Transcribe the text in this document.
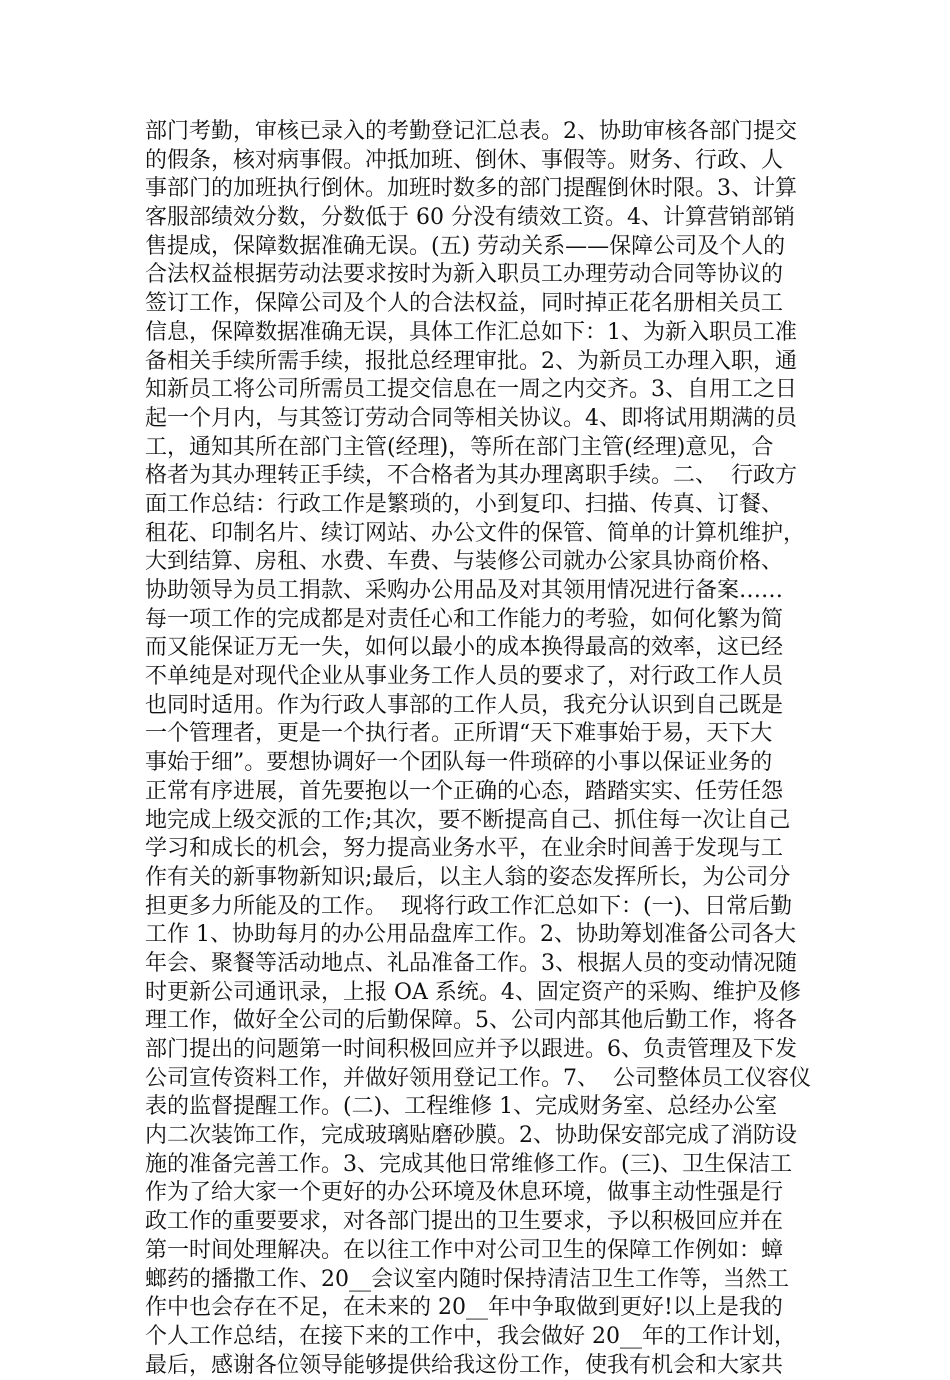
部门考勤，审核已录入的考勤登记汇总表。2、协助审核各部门提交
的假条，核对病事假。冲抵加班、倒休、事假等。财务、行政、人
事部门的加班执行倒休。加班时数多的部门提醒倒休时限。3、计算
客服部绩效分数，分数低于 60 分没有绩效工资。4、计算营销部销
售提成，保障数据准确无误。(五) 劳动关系——保障公司及个人的
合法权益根据劳动法要求按时为新入职员工办理劳动合同等协议的
签订工作，保障公司及个人的合法权益，同时掉正花名册相关员工
信息，保障数据准确无误，具体工作汇总如下：1、为新入职员工准
备相关手续所需手续，报批总经理审批。2、为新员工办理入职，通
知新员工将公司所需员工提交信息在一周之内交齐。3、自用工之日
起一个月内，与其签订劳动合同等相关协议。4、即将试用期满的员
工，通知其所在部门主管(经理)，等所在部门主管(经理)意见，合
格者为其办理转正手续，不合格者为其办理离职手续。二、  行政方
面工作总结：行政工作是繁琐的，小到复印、扫描、传真、订餐、
租花、印制名片、续订网站、办公文件的保管、简单的计算机维护，
大到结算、房租、水费、车费、与装修公司就办公家具协商价格、
协助领导为员工捐款、采购办公用品及对其领用情况进行备案……
每一项工作的完成都是对责任心和工作能力的考验，如何化繁为简
而又能保证万无一失，如何以最小的成本换得最高的效率，这已经
不单纯是对现代企业从事业务工作人员的要求了，对行政工作人员
也同时适用。作为行政人事部的工作人员，我充分认识到自己既是
一个管理者，更是一个执行者。正所谓“天下难事始于易，天下大
事始于细”。要想协调好一个团队每一件琐碎的小事以保证业务的
正常有序进展，首先要抱以一个正确的心态，踏踏实实、任劳任怨
地完成上级交派的工作;其次，要不断提高自己、抓住每一次让自己
学习和成长的机会，努力提高业务水平，在业余时间善于发现与工
作有关的新事物新知识;最后，以主人翁的姿态发挥所长，为公司分
担更多力所能及的工作。  现将行政工作汇总如下：(一)、日常后勤
工作 1、协助每月的办公用品盘库工作。2、协助筹划准备公司各大
年会、聚餐等活动地点、礼品准备工作。3、根据人员的变动情况随
时更新公司通讯录，上报 OA 系统。4、固定资产的采购、维护及修
理工作，做好全公司的后勤保障。5、公司内部其他后勤工作，将各
部门提出的问题第一时间积极回应并予以跟进。6、负责管理及下发
公司宣传资料工作，并做好领用登记工作。7、  公司整体员工仪容仪
表的监督提醒工作。(二)、工程维修 1、完成财务室、总经办公室
内二次装饰工作，完成玻璃贴磨砂膜。2、协助保安部完成了消防设
施的准备完善工作。3、完成其他日常维修工作。(三)、卫生保洁工
作为了给大家一个更好的办公环境及休息环境，做事主动性强是行
政工作的重要要求，对各部门提出的卫生要求，予以积极回应并在
第一时间处理解决。在以往工作中对公司卫生的保障工作例如：蟑
螂药的播撒工作、20__会议室内随时保持清洁卫生工作等，当然工
作中也会存在不足，在未来的 20__年中争取做到更好!以上是我的
个人工作总结，在接下来的工作中，我会做好 20__年的工作计划，
最后，感谢各位领导能够提供给我这份工作，使我有机会和大家共
